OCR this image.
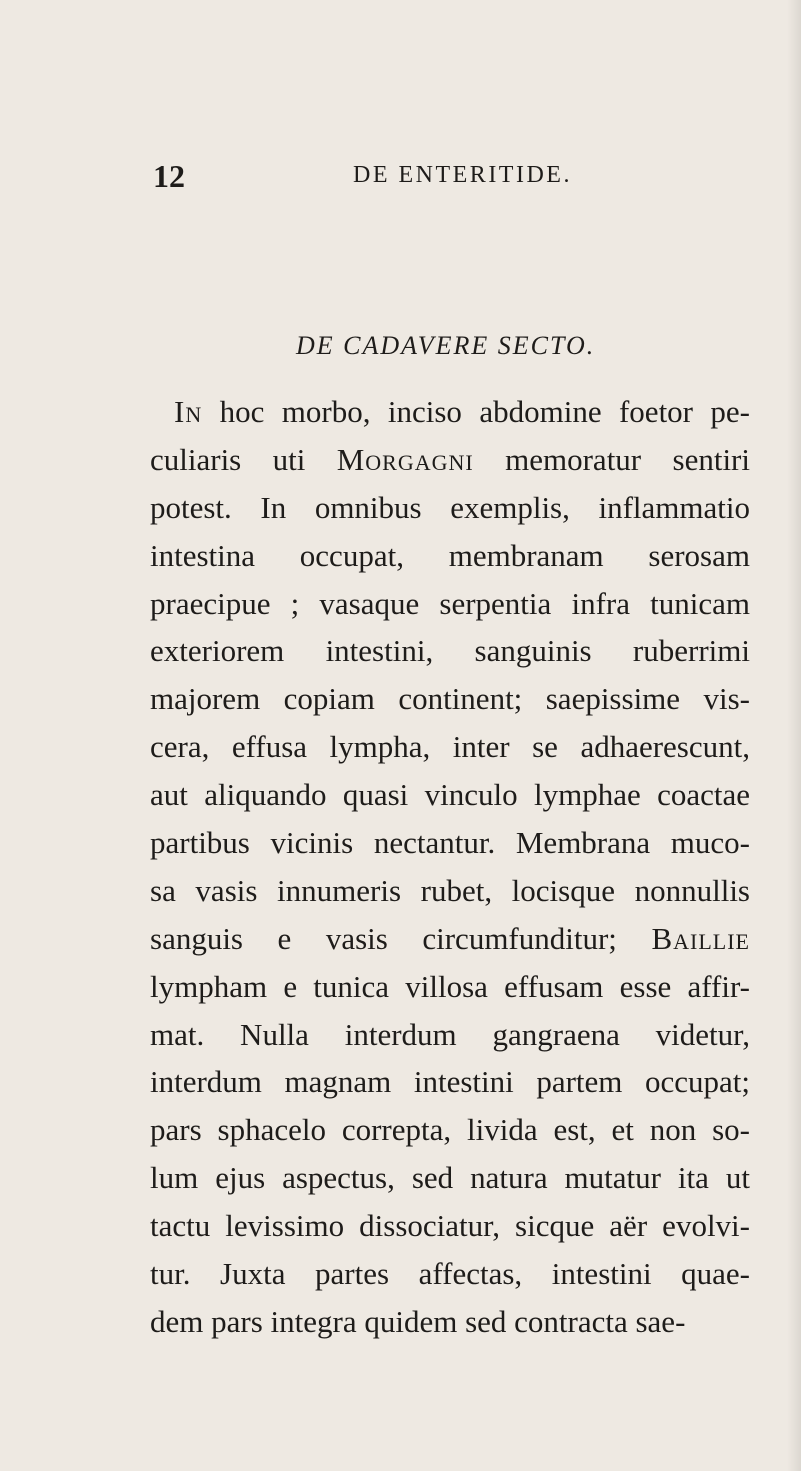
12	DE ENTERITIDE.
DE CADAVERE SECTO.
In hoc morbo, inciso abdomine foetor pe-
culiaris uti Morgagni memoratur sentiri
potest. In omnibus exemplis, inflammatio
intestina occupat, membranam serosam
praecipue ; vasaque serpentia infra tunicam
exteriorem intestini, sanguinis ruberrimi
majorem copiam continent; saepissime vis-
cera, effusa lympha, inter se adhaerescunt,
aut aliquando quasi vinculo lymphae coactae
partibus vicinis nectantur. Membrana muco-
sa vasis innumeris rubet, locisque nonnullis
sanguis e vasis circumfunditur; Baillie
lympham e tunica villosa effusam esse affir-
mat. Nulla interdum gangraena videtur,
interdum magnam intestini partem occupat;
pars sphacelo correpta, livida est, et non so-
lum ejus aspectus, sed natura mutatur ita ut
tactu levissimo dissociatur, sicque aër evolvi-
tur. Juxta partes affectas, intestini quae-
dem pars integra quidem sed contracta sae-
